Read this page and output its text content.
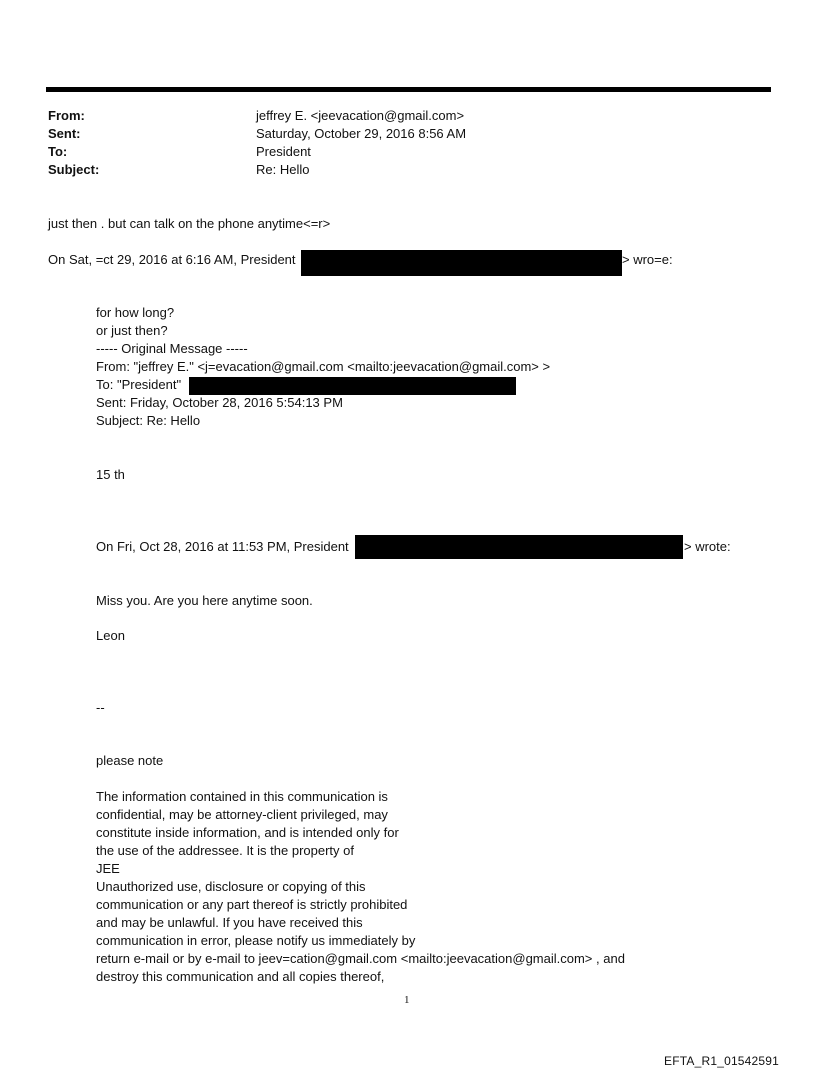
From:	jeffrey E. <jeevacation@gmail.com>
Sent:	Saturday, October 29, 2016 8:56 AM
To:	President
Subject:	Re: Hello
just then . but can talk on the phone anytime<=r>
On Sat, =ct 29, 2016 at 6:16 AM, President	> wro=e:
for how long?
or just then?
----- Original Message -----
From: "jeffrey E." <j=evacation@gmail.com <mailto:jeevacation@gmail.com> >
To: "President"
Sent: Friday, October 28, 2016 5:54:13 PM
Subject: Re: Hello
15 th
On Fri, Oct 28, 2016 at 11:53 PM, President	> wrote:
Miss you. Are you here anytime soon.
Leon
--
please note
The information contained in this communication is
confidential, may be attorney-client privileged, may
constitute inside information, and is intended only for
the use of the addressee. It is the property of
JEE
Unauthorized use, disclosure or copying of this
communication or any part thereof is strictly prohibited
and may be unlawful. If you have received this
communication in error, please notify us immediately by
return e-mail or by e-mail to jeev=cation@gmail.com <mailto:jeevacation@gmail.com> , and
destroy this communication and all copies thereof,
1
EFTA_R1_01542591
